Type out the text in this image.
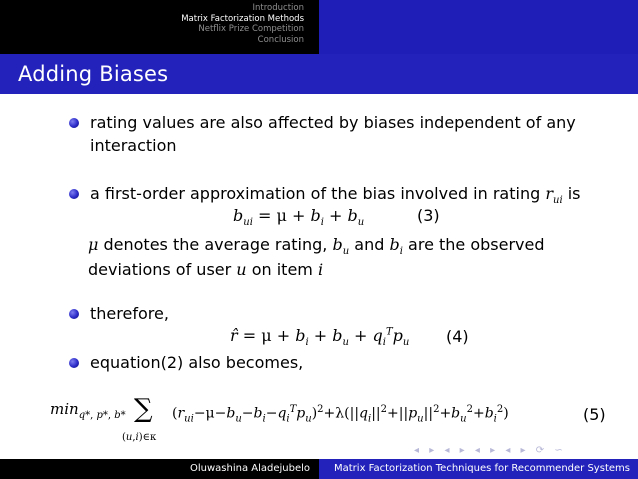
Introduction
Matrix Factorization Methods
Netflix Prize Competition
Conclusion
Adding Biases
rating values are also affected by biases independent of any
interaction
a first-order approximation of the bias involved in rating $r_{ui}$ is
$b_{ui} = \mu + b_i + b_u$	(3)
μ denotes the average rating, $b_u$ and $b_i$ are the observed
deviations of user u on item i
therefore,
r̂ = $\mu + b_i + b_u + q_i^Tp_u$ (4)
equation(2) also becomes,
$\min_{q*, p*, b*}$ ∑
(u,i)∈κ
$(r_{ui}-\mu-b_u-b_i-q_i^Tp_u)^2+\lambda(||q_i||^2+||p_u||^2+b_u^2+b_i^2)$	(5)
◂ ▸ ◂ ▸ ◂ ▸ ◂ ▸ ⟳ ∽
Oluwashina Aladejubelo Matrix Factorization Techniques for Recommender Systems
